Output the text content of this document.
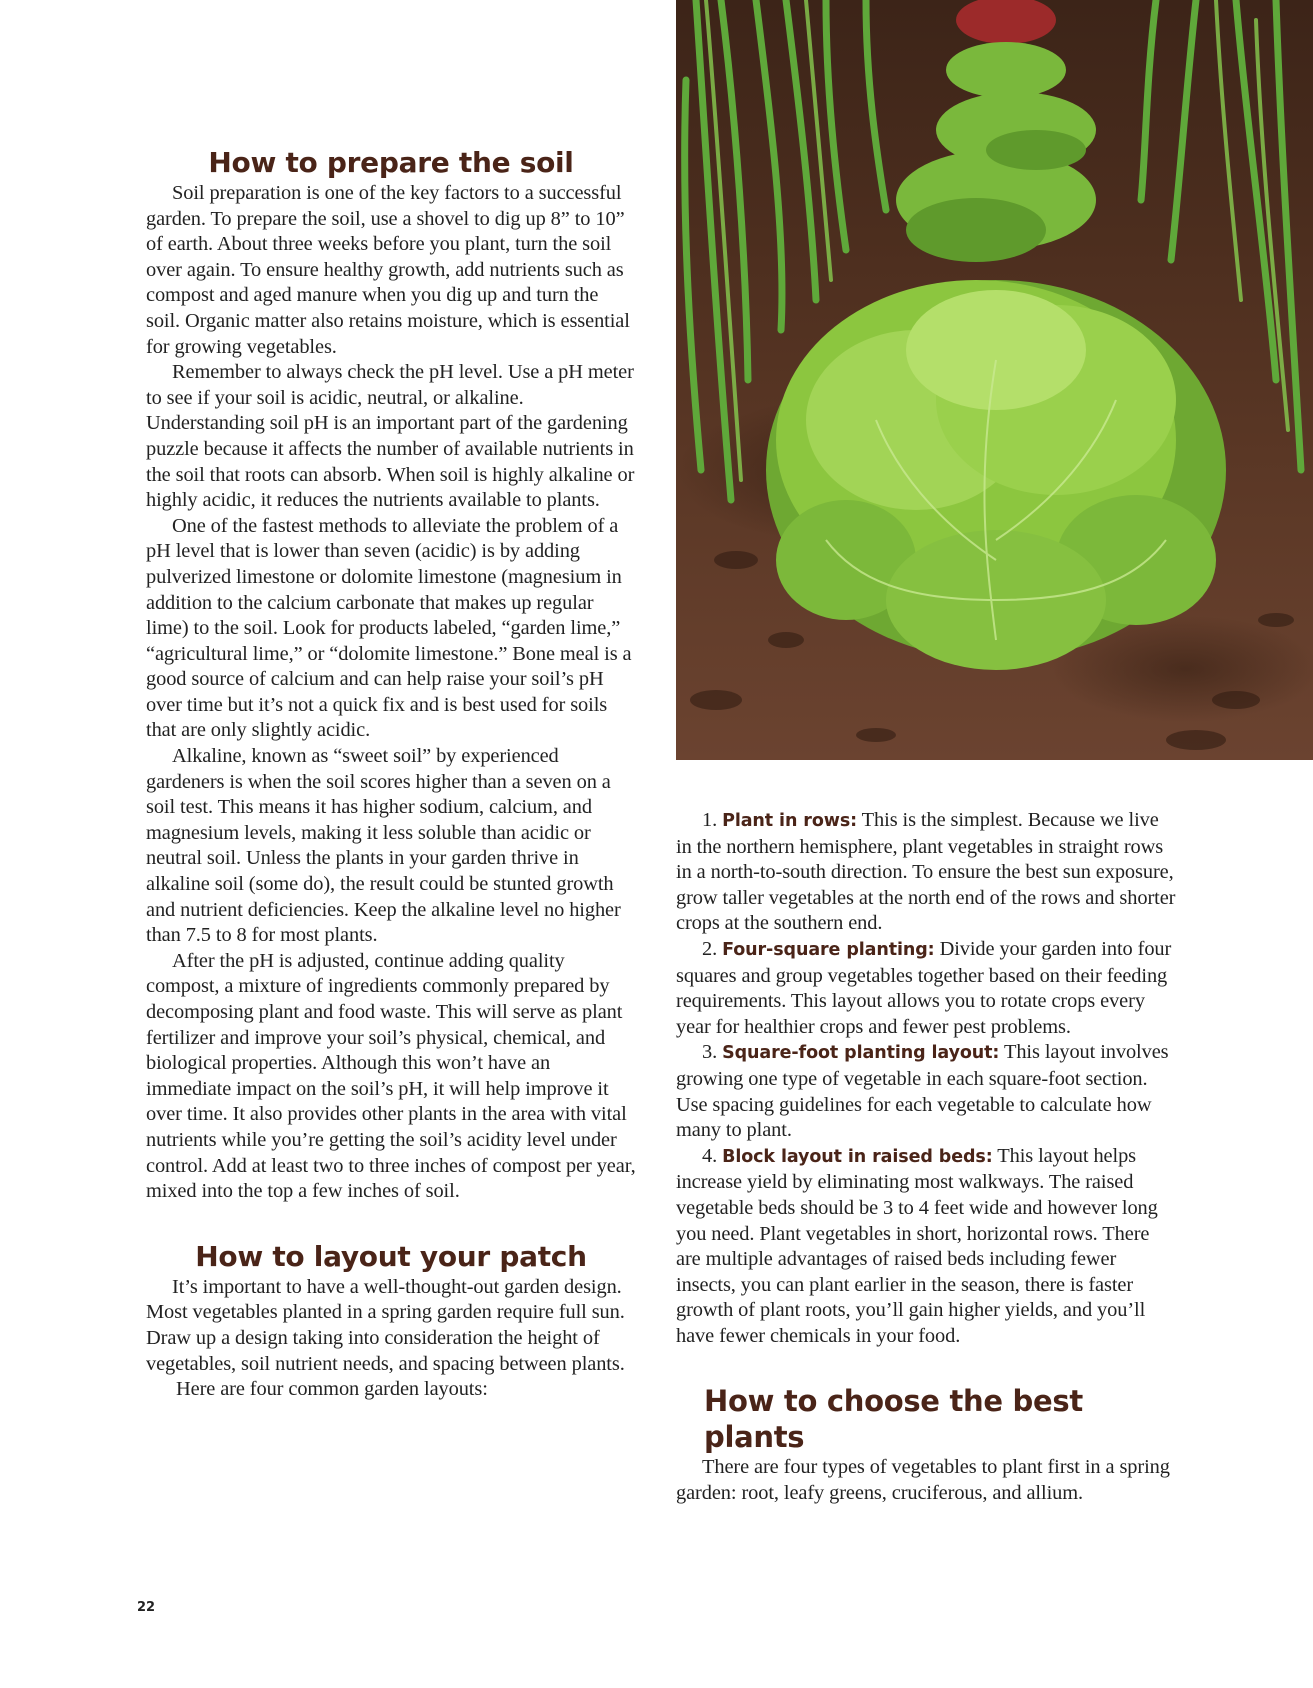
How to prepare the soil

Soil preparation is one of the key factors to a successful garden. To prepare the soil, use a shovel to dig up 8” to 10” of earth. About three weeks before you plant, turn the soil over again. To ensure healthy growth, add nutrients such as compost and aged manure when you dig up and turn the soil. Organic matter also retains moisture, which is essential for growing vegetables.

Remember to always check the pH level. Use a pH meter to see if your soil is acidic, neutral, or alkaline. Understanding soil pH is an important part of the gardening puzzle because it affects the number of available nutrients in the soil that roots can absorb. When soil is highly alkaline or highly acidic, it reduces the nutrients available to plants.

One of the fastest methods to alleviate the problem of a pH level that is lower than seven (acidic) is by adding pulverized limestone or dolomite limestone (magnesium in addition to the calcium carbonate that makes up regular lime) to the soil. Look for products labeled, “garden lime,” “agricultural lime,” or “dolomite limestone.” Bone meal is a good source of calcium and can help raise your soil’s pH over time but it’s not a quick fix and is best used for soils that are only slightly acidic.

Alkaline, known as “sweet soil” by experienced gardeners is when the soil scores higher than a seven on a soil test. This means it has higher sodium, calcium, and magnesium levels, making it less soluble than acidic or neutral soil. Unless the plants in your garden thrive in alkaline soil (some do), the result could be stunted growth and nutrient deficiencies. Keep the alkaline level no higher than 7.5 to 8 for most plants.

After the pH is adjusted, continue adding quality compost, a mixture of ingredients commonly prepared by decomposing plant and food waste. This will serve as plant fertilizer and improve your soil’s physical, chemical, and biological properties. Although this won’t have an immediate impact on the soil’s pH, it will help improve it over time. It also provides other plants in the area with vital nutrients while you’re getting the soil’s acidity level under control. Add at least two to three inches of compost per year, mixed into the top a few inches of soil.

How to layout your patch

It’s important to have a well-thought-out garden design. Most vegetables planted in a spring garden require full sun. Draw up a design taking into consideration the height of vegetables, soil nutrient needs, and spacing between plants.

Here are four common garden layouts:

1. Plant in rows: This is the simplest. Because we live in the northern hemisphere, plant vegetables in straight rows in a north-to-south direction. To ensure the best sun exposure, grow taller vegetables at the north end of the rows and shorter crops at the southern end.

2. Four-square planting: Divide your garden into four squares and group vegetables together based on their feeding requirements. This layout allows you to rotate crops every year for healthier crops and fewer pest problems.

3. Square-foot planting layout: This layout involves growing one type of vegetable in each square-foot section. Use spacing guidelines for each vegetable to calculate how many to plant.

4. Block layout in raised beds: This layout helps increase yield by eliminating most walkways. The raised vegetable beds should be 3 to 4 feet wide and however long you need. Plant vegetables in short, horizontal rows. There are multiple advantages of raised beds including fewer insects, you can plant earlier in the season, there is faster growth of plant roots, you’ll gain higher yields, and you’ll have fewer chemicals in your food.

How to choose the best plants

There are four types of vegetables to plant first in a spring garden: root, leafy greens, cruciferous, and allium.

22
